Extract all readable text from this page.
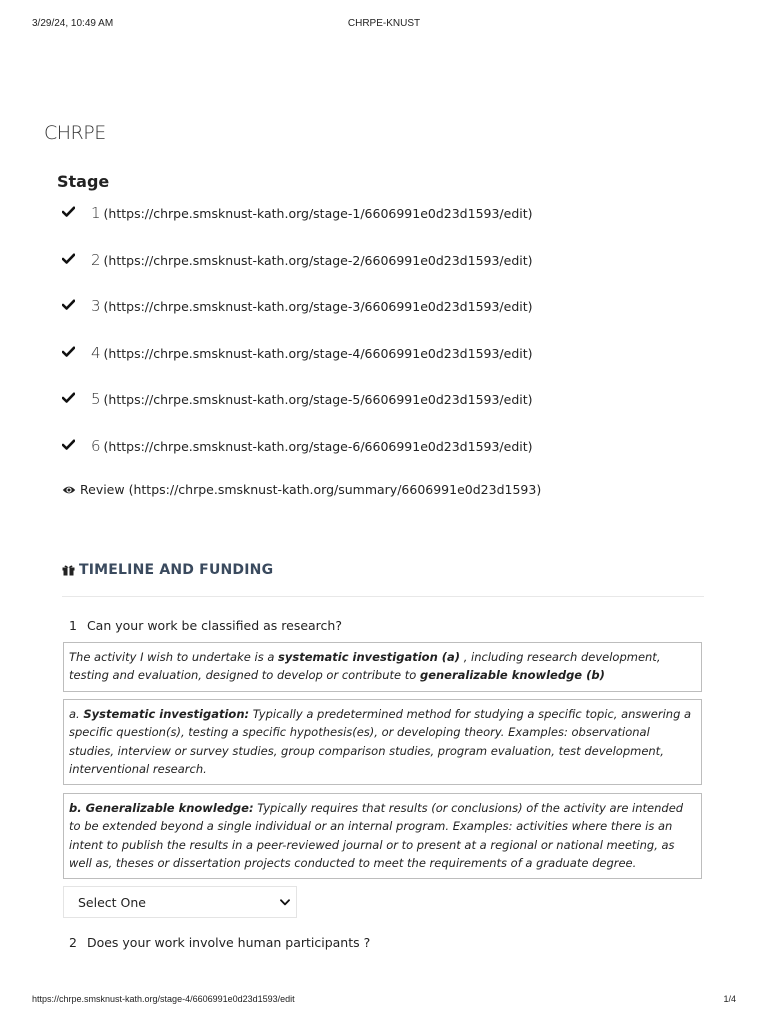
3/29/24, 10:49 AM	CHRPE-KNUST
CHRPE
Stage
1 (https://chrpe.smsknust-kath.org/stage-1/6606991e0d23d1593/edit)
2 (https://chrpe.smsknust-kath.org/stage-2/6606991e0d23d1593/edit)
3 (https://chrpe.smsknust-kath.org/stage-3/6606991e0d23d1593/edit)
4 (https://chrpe.smsknust-kath.org/stage-4/6606991e0d23d1593/edit)
5 (https://chrpe.smsknust-kath.org/stage-5/6606991e0d23d1593/edit)
6 (https://chrpe.smsknust-kath.org/stage-6/6606991e0d23d1593/edit)
Review (https://chrpe.smsknust-kath.org/summary/6606991e0d23d1593)
TIMELINE AND FUNDING
1 Can your work be classified as research?
The activity I wish to undertake is a systematic investigation (a) , including research development, testing and evaluation, designed to develop or contribute to generalizable knowledge (b)
a. Systematic investigation: Typically a predetermined method for studying a specific topic, answering a specific question(s), testing a specific hypothesis(es), or developing theory. Examples: observational studies, interview or survey studies, group comparison studies, program evaluation, test development, interventional research.
b. Generalizable knowledge: Typically requires that results (or conclusions) of the activity are intended to be extended beyond a single individual or an internal program. Examples: activities where there is an intent to publish the results in a peer-reviewed journal or to present at a regional or national meeting, as well as, theses or dissertation projects conducted to meet the requirements of a graduate degree.
Select One
2 Does your work involve human participants ?
https://chrpe.smsknust-kath.org/stage-4/6606991e0d23d1593/edit	1/4
